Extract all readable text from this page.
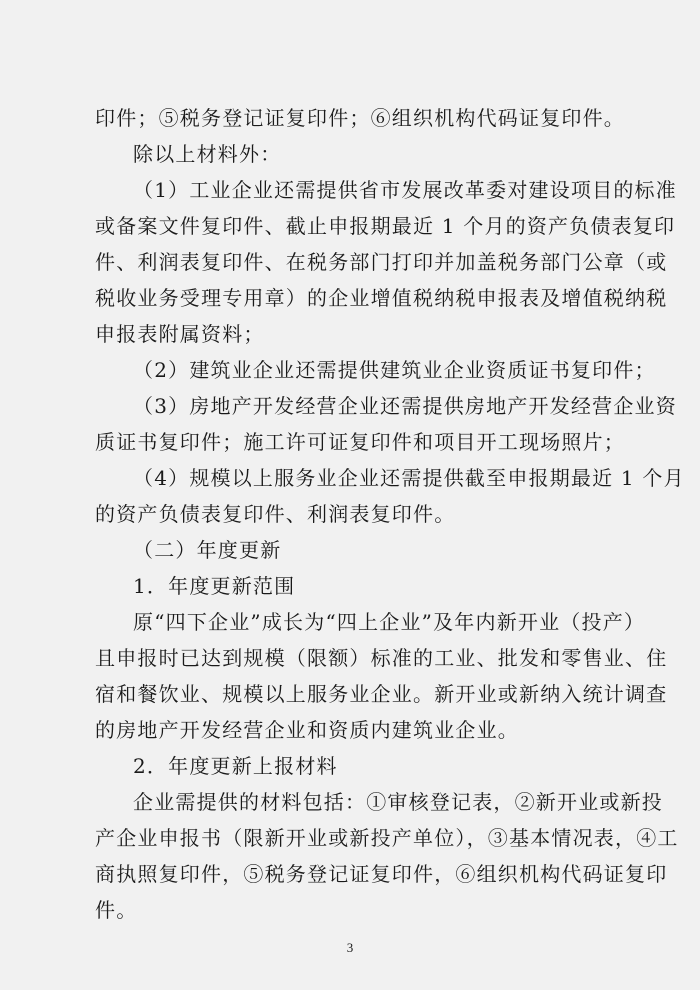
印件；⑤税务登记证复印件；⑥组织机构代码证复印件。
除以上材料外：
（1）工业企业还需提供省市发展改革委对建设项目的标准
或备案文件复印件、截止申报期最近 1 个月的资产负债表复印
件、利润表复印件、在税务部门打印并加盖税务部门公章（或
税收业务受理专用章）的企业增值税纳税申报表及增值税纳税
申报表附属资料；
（2）建筑业企业还需提供建筑业企业资质证书复印件；
（3）房地产开发经营企业还需提供房地产开发经营企业资
质证书复印件；施工许可证复印件和项目开工现场照片；
（4）规模以上服务业企业还需提供截至申报期最近 1 个月
的资产负债表复印件、利润表复印件。
（二）年度更新
1．年度更新范围
原“四下企业”成长为“四上企业”及年内新开业（投产）
且申报时已达到规模（限额）标准的工业、批发和零售业、住
宿和餐饮业、规模以上服务业企业。新开业或新纳入统计调查
的房地产开发经营企业和资质内建筑业企业。
2．年度更新上报材料
企业需提供的材料包括：①审核登记表，②新开业或新投
产企业申报书（限新开业或新投产单位），③基本情况表，④工
商执照复印件，⑤税务登记证复印件，⑥组织机构代码证复印
件。
3
